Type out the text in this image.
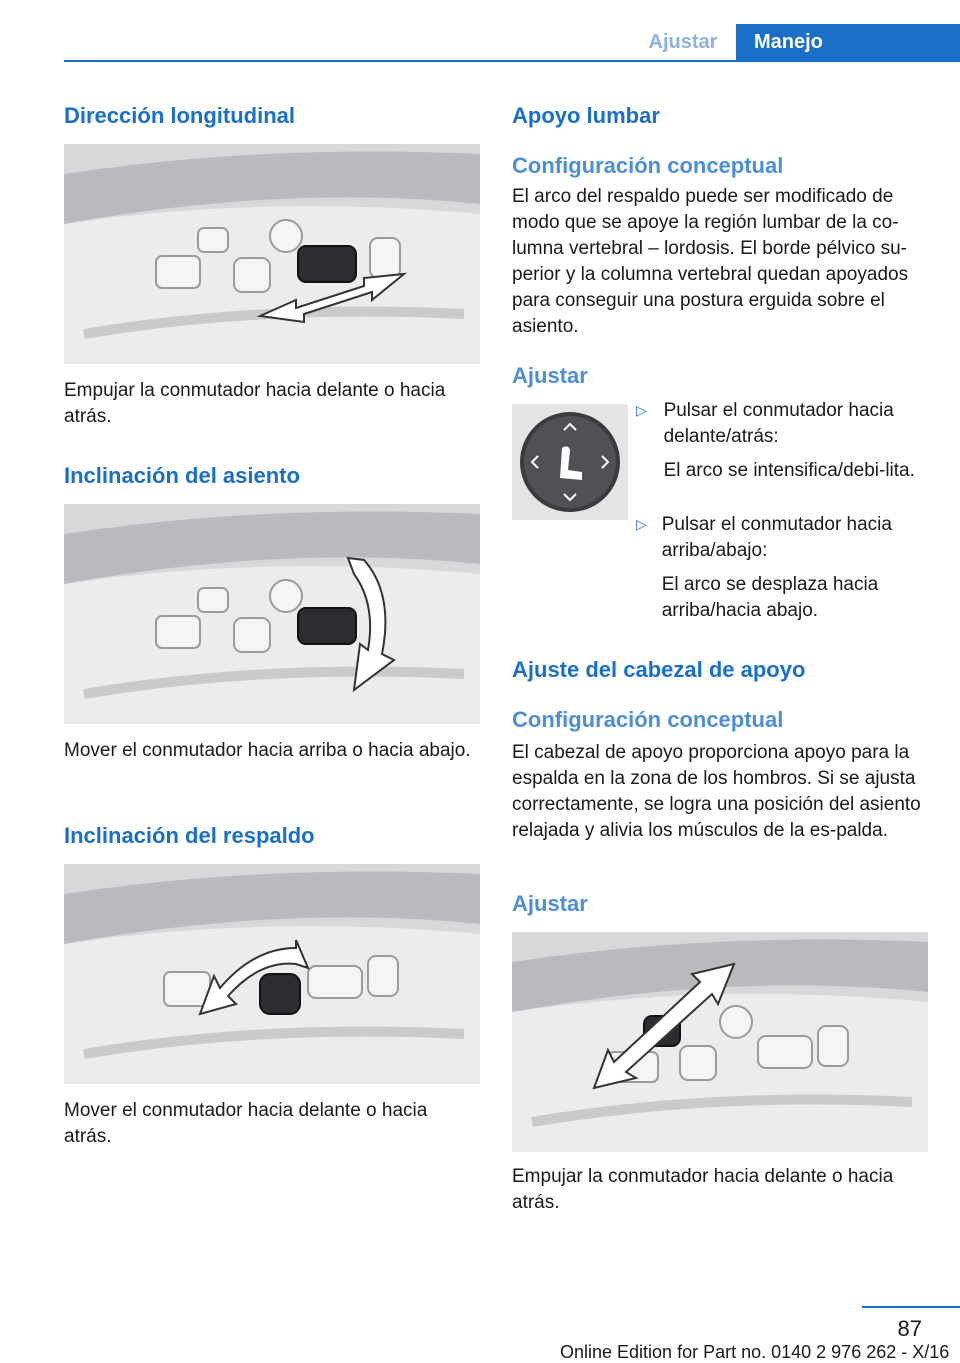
Ajustar	Manejo
Dirección longitudinal

Empujar la conmutador hacia delante o hacia atrás.

Inclinación del asiento

Mover el conmutador hacia arriba o hacia abajo.

Inclinación del respaldo

Mover el conmutador hacia delante o hacia atrás.

Apoyo lumbar
Configuración conceptual

El arco del respaldo puede ser modificado de modo que se apoye la región lumbar de la co-lumna vertebral – lordosis. El borde pélvico su-perior y la columna vertebral quedan apoyados para conseguir una postura erguida sobre el asiento.

Ajustar
▷ Pulsar el conmutador hacia delante/atrás:

El arco se intensifica/debi-lita.

▷ Pulsar el conmutador hacia arriba/abajo:

El arco se desplaza hacia arriba/hacia abajo.

Ajuste del cabezal de apoyo
Configuración conceptual

El cabezal de apoyo proporciona apoyo para la espalda en la zona de los hombros. Si se ajusta correctamente, se logra una posición del asiento relajada y alivia los músculos de la es-palda.

Ajustar

Empujar la conmutador hacia delante o hacia atrás.

87
Online Edition for Part no. 0140 2 976 262 - X/16
